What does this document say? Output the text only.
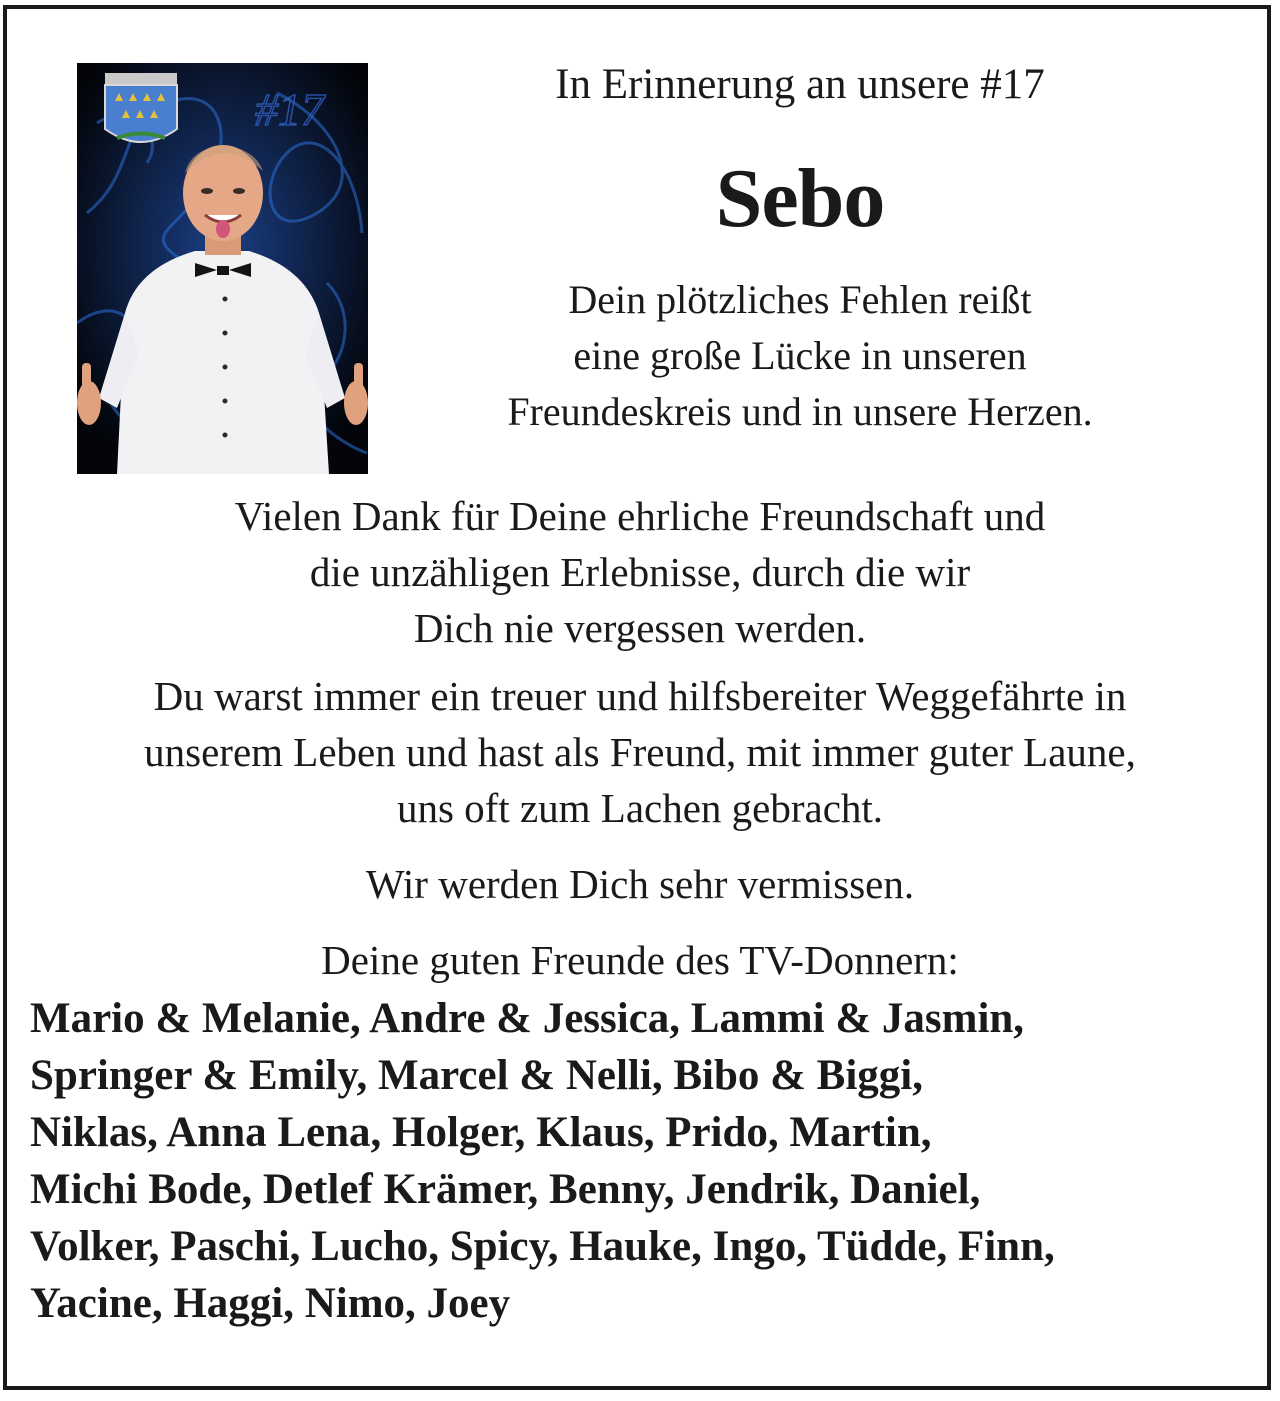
#17	In Erinnerung an unsere #17

Sebo

Dein plötzliches Fehlen reißt

eine große Lücke in unseren

Freundeskreis und in unsere Herzen.

Vielen Dank für Deine ehrliche Freundschaft und

die unzähligen Erlebnisse, durch die wir

Dich nie vergessen werden.

Du warst immer ein treuer und hilfsbereiter Weggefährte in

unserem Leben und hast als Freund, mit immer guter Laune,

uns oft zum Lachen gebracht.

Wir werden Dich sehr vermissen.

Deine guten Freunde des TV-Donnern:

Mario & Melanie, Andre & Jessica, Lammi & Jasmin,

Springer & Emily, Marcel & Nelli, Bibo & Biggi,

Niklas, Anna Lena, Holger, Klaus, Prido, Martin,

Michi Bode, Detlef Krämer, Benny, Jendrik, Daniel,

Volker, Paschi, Lucho, Spicy, Hauke, Ingo, Tüdde, Finn,

Yacine, Haggi, Nimo, Joey
